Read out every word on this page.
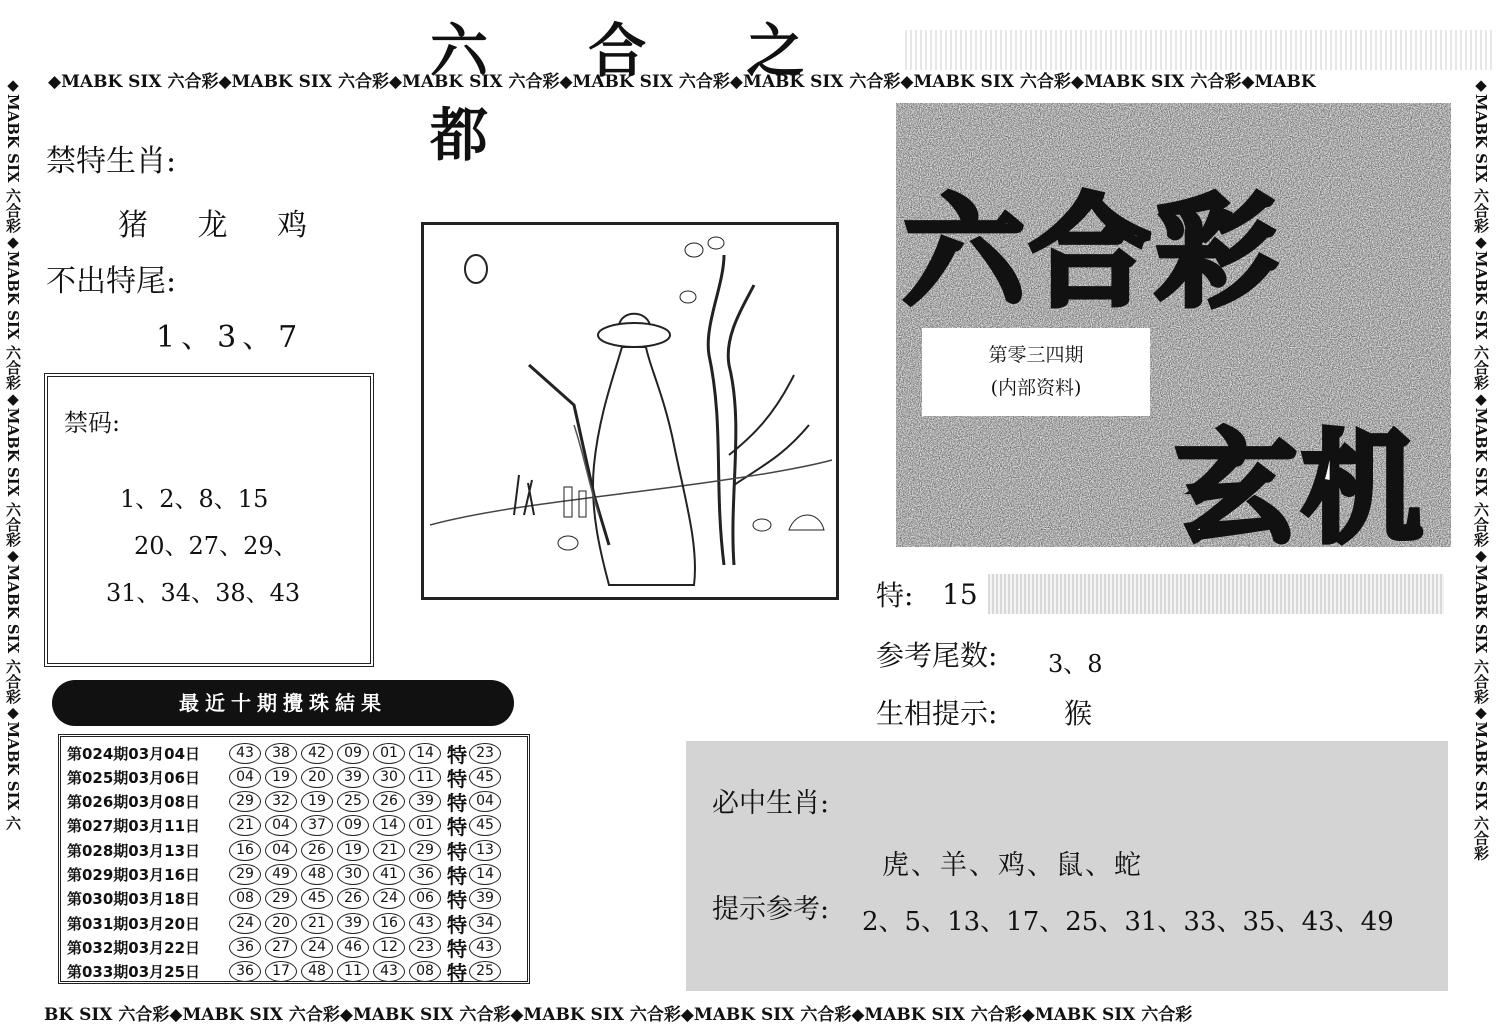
六 合 之 都
◆MABK SIX 六合彩◆MABK SIX 六合彩◆MABK SIX 六合彩◆MABK SIX 六合彩◆MABK SIX 六合彩◆MABK SIX 六合彩◆MABK SIX 六合彩◆MABK
BK SIX 六合彩◆MABK SIX 六合彩◆MABK SIX 六合彩◆MABK SIX 六合彩◆MABK SIX 六合彩◆MABK SIX 六合彩◆MABK SIX 六合彩
◆MABK SIX 六合彩◆MABK SIX 六合彩◆MABK SIX 六合彩◆MABK SIX 六合彩◆MABK SIX 六	◆MABK SIX 六合彩◆MABK SIX 六合彩◆MABK SIX 六合彩◆MABK SIX 六合彩◆MABK SIX 六合彩
禁特生肖:
猪 龙 鸡
不出特尾:
1、3、7
禁码:
1、2、8、15
20、27、29、
31、34、38、43
最近十期攪珠結果
第024期03月04日	43	38	42	09	01	14 特 23
第025期03月06日	04	19	20	39	30	11 特 45
第026期03月08日	29	32	19	25	26	39 特 04
第027期03月11日	21	04	37	09	14	01 特 45
第028期03月13日	16	04	26	19	21	29 特 13
第029期03月16日	29	49	48	30	41	36 特 14
第030期03月18日	08	29	45	26	24	06 特 39
第031期03月20日	24	20	21	39	16	43 特 34
第032期03月22日	36	27	24	46	12	23 特 43
第033期03月25日	36	17	48	11	43	08 特 25
六合彩
玄机
第零三四期
(内部资料)
特: 15
参考尾数: 3、8
生相提示: 猴
必中生肖:
虎、羊、鸡、鼠、蛇
提示参考: 2、5、13、17、25、31、33、35、43、49
